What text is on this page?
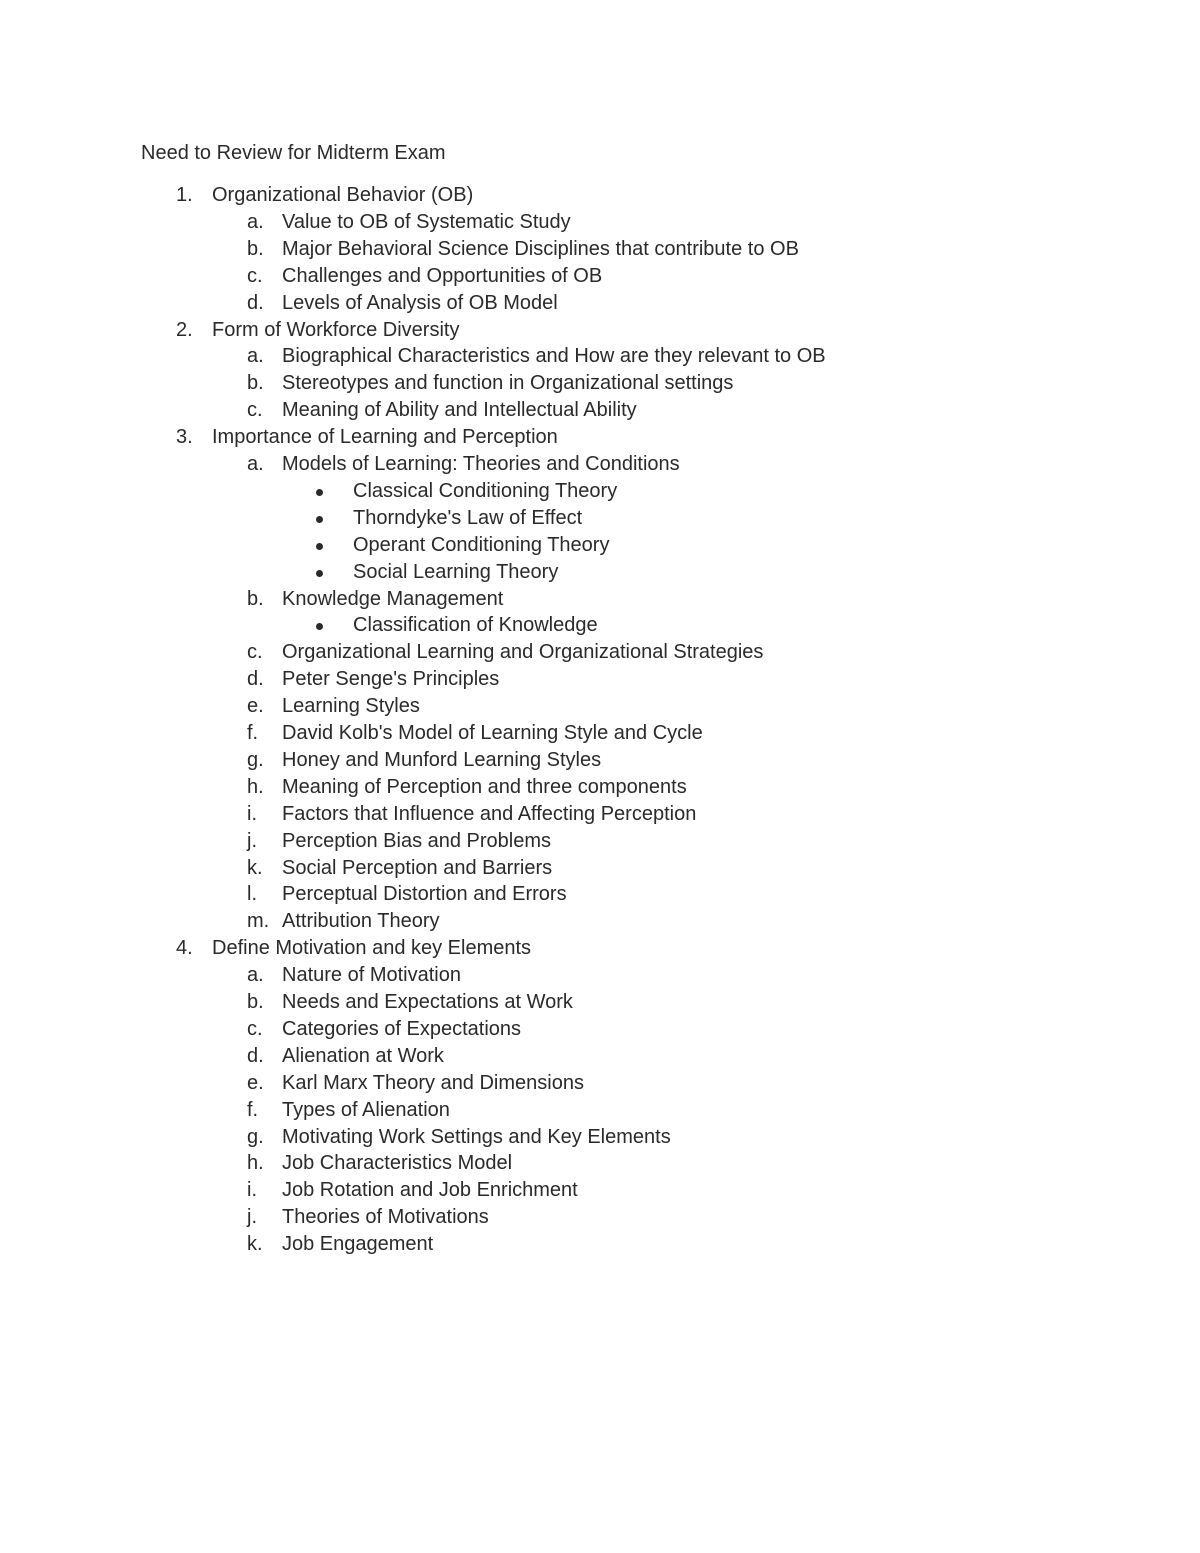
Need to Review for Midterm Exam
1. Organizational Behavior (OB)
a. Value to OB of Systematic Study
b. Major Behavioral Science Disciplines that contribute to OB
c. Challenges and Opportunities of OB
d. Levels of Analysis of OB Model
2. Form of Workforce Diversity
a. Biographical Characteristics and How are they relevant to OB
b. Stereotypes and function in Organizational settings
c. Meaning of Ability and Intellectual Ability
3. Importance of Learning and Perception
a. Models of Learning: Theories and Conditions
Classical Conditioning Theory
Thorndyke's Law of Effect
Operant Conditioning Theory
Social Learning Theory
b. Knowledge Management
Classification of Knowledge
c. Organizational Learning and Organizational Strategies
d. Peter Senge's Principles
e. Learning Styles
f. David Kolb's Model of Learning Style and Cycle
g. Honey and Munford Learning Styles
h. Meaning of Perception and three components
i. Factors that Influence and Affecting Perception
j. Perception Bias and Problems
k. Social Perception and Barriers
l. Perceptual Distortion and Errors
m. Attribution Theory
4. Define Motivation and key Elements
a. Nature of Motivation
b. Needs and Expectations at Work
c. Categories of Expectations
d. Alienation at Work
e. Karl Marx Theory and Dimensions
f. Types of Alienation
g. Motivating Work Settings and Key Elements
h. Job Characteristics Model
i. Job Rotation and Job Enrichment
j. Theories of Motivations
k. Job Engagement
